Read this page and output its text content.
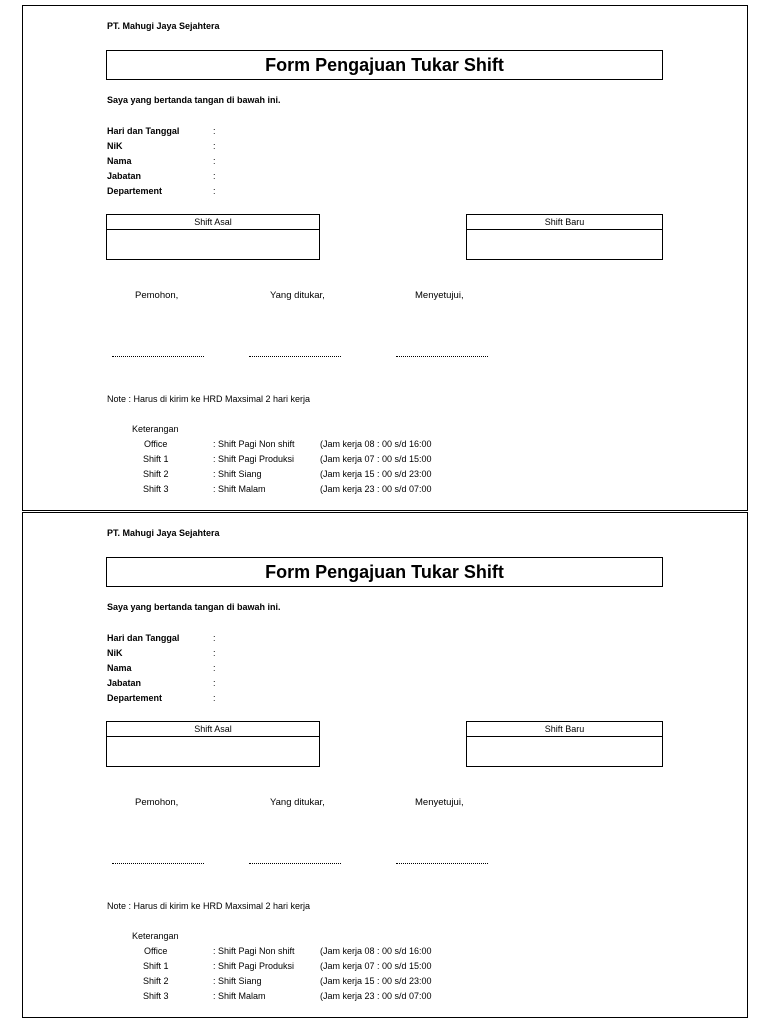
PT. Mahugi Jaya Sejahtera
Form Pengajuan Tukar Shift
Saya yang bertanda tangan di bawah ini.
Hari dan Tanggal	:
NiK	:
Nama	:
Jabatan	:
Departement	:
Shift Asal	Shift Baru
Pemohon,	Yang ditukar,	Menyetujui,
Note : Harus di kirim ke HRD Maxsimal 2 hari kerja
Keterangan
Office	: Shift Pagi Non shift	(Jam kerja 08 : 00 s/d 16:00
Shift 1	: Shift Pagi Produksi	(Jam kerja 07 : 00 s/d 15:00
Shift 2	: Shift Siang	(Jam kerja 15 : 00 s/d 23:00
Shift 3	: Shift Malam	(Jam kerja 23 : 00 s/d 07:00
PT. Mahugi Jaya Sejahtera
Form Pengajuan Tukar Shift
Saya yang bertanda tangan di bawah ini.
Hari dan Tanggal	:
NiK	:
Nama	:
Jabatan	:
Departement	:
Shift Asal	Shift Baru
Pemohon,	Yang ditukar,	Menyetujui,
Note : Harus di kirim ke HRD Maxsimal 2 hari kerja
Keterangan
Office	: Shift Pagi Non shift	(Jam kerja 08 : 00 s/d 16:00
Shift 1	: Shift Pagi Produksi	(Jam kerja 07 : 00 s/d 15:00
Shift 2	: Shift Siang	(Jam kerja 15 : 00 s/d 23:00
Shift 3	: Shift Malam	(Jam kerja 23 : 00 s/d 07:00
